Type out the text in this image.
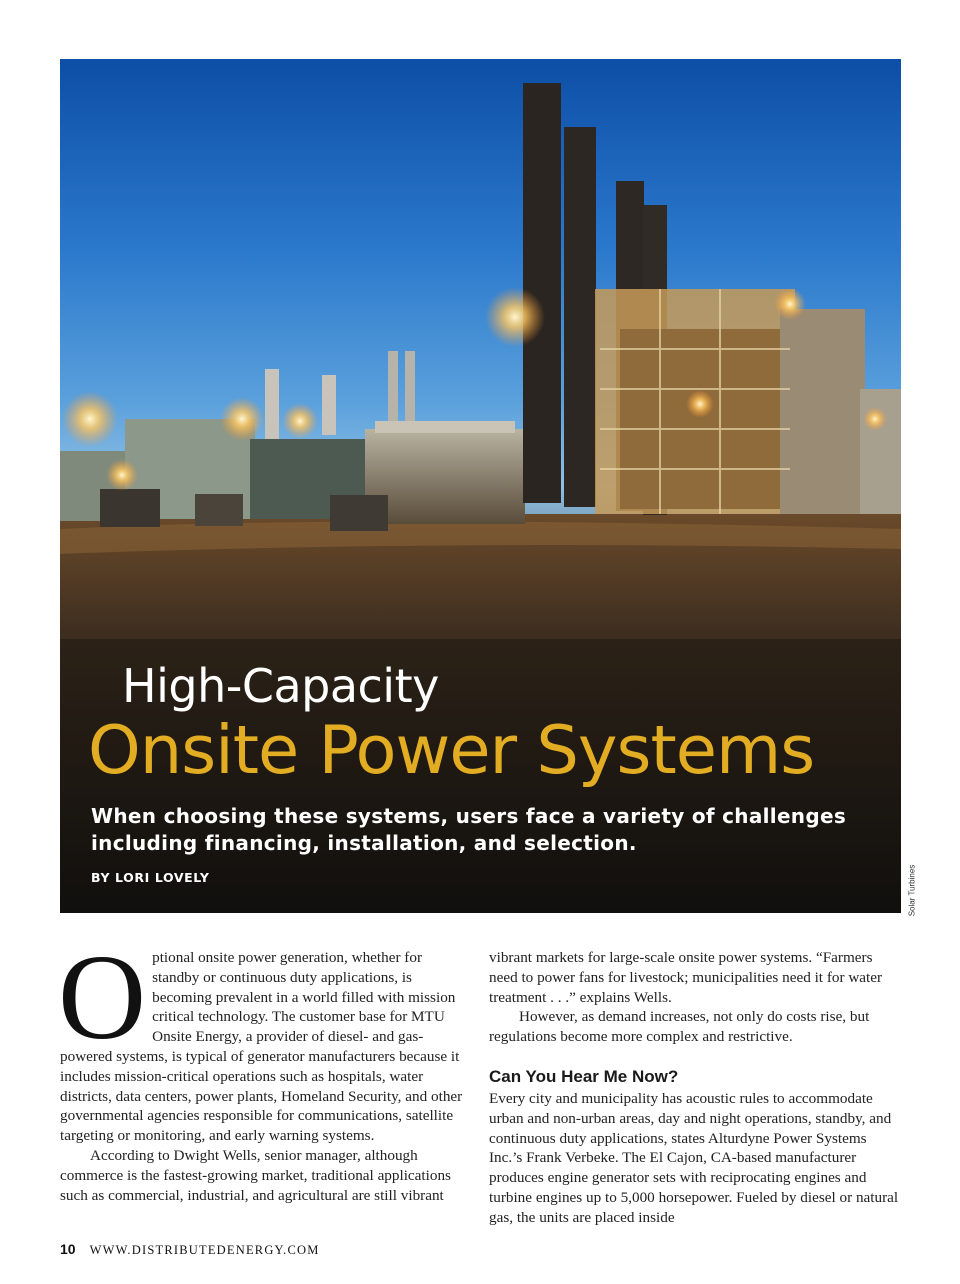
High-Capacity
Onsite Power Systems
When choosing these systems, users face a variety of challenges including financing, installation, and selection.
BY LORI LOVELY	Solar Turbines

Optional onsite power generation, whether for standby or continuous duty applications, is becoming prevalent in a world filled with mission critical technology. The customer base for MTU Onsite Energy, a provider of diesel- and gas-powered systems, is typical of generator manufacturers because it includes mission-critical operations such as hospitals, water districts, data centers, power plants, Homeland Security, and other governmental agencies responsible for communications, satellite targeting or monitoring, and early warning systems.

According to Dwight Wells, senior manager, although commerce is the fastest-growing market, traditional applications such as commercial, industrial, and agricultural are still vibrant

vibrant markets for large-scale onsite power systems. “Farmers need to power fans for livestock; municipalities need it for water treatment . . .” explains Wells.

However, as demand increases, not only do costs rise, but regulations become more complex and restrictive.

Can You Hear Me Now?

Every city and municipality has acoustic rules to accommodate urban and non-urban areas, day and night operations, standby, and continuous duty applications, states Alturdyne Power Systems Inc.’s Frank Verbeke. The El Cajon, CA-based manufacturer produces engine generator sets with reciprocating engines and turbine engines up to 5,000 horsepower. Fueled by diesel or natural gas, the units are placed inside

10 WWW.DISTRIBUTEDENERGY.COM
